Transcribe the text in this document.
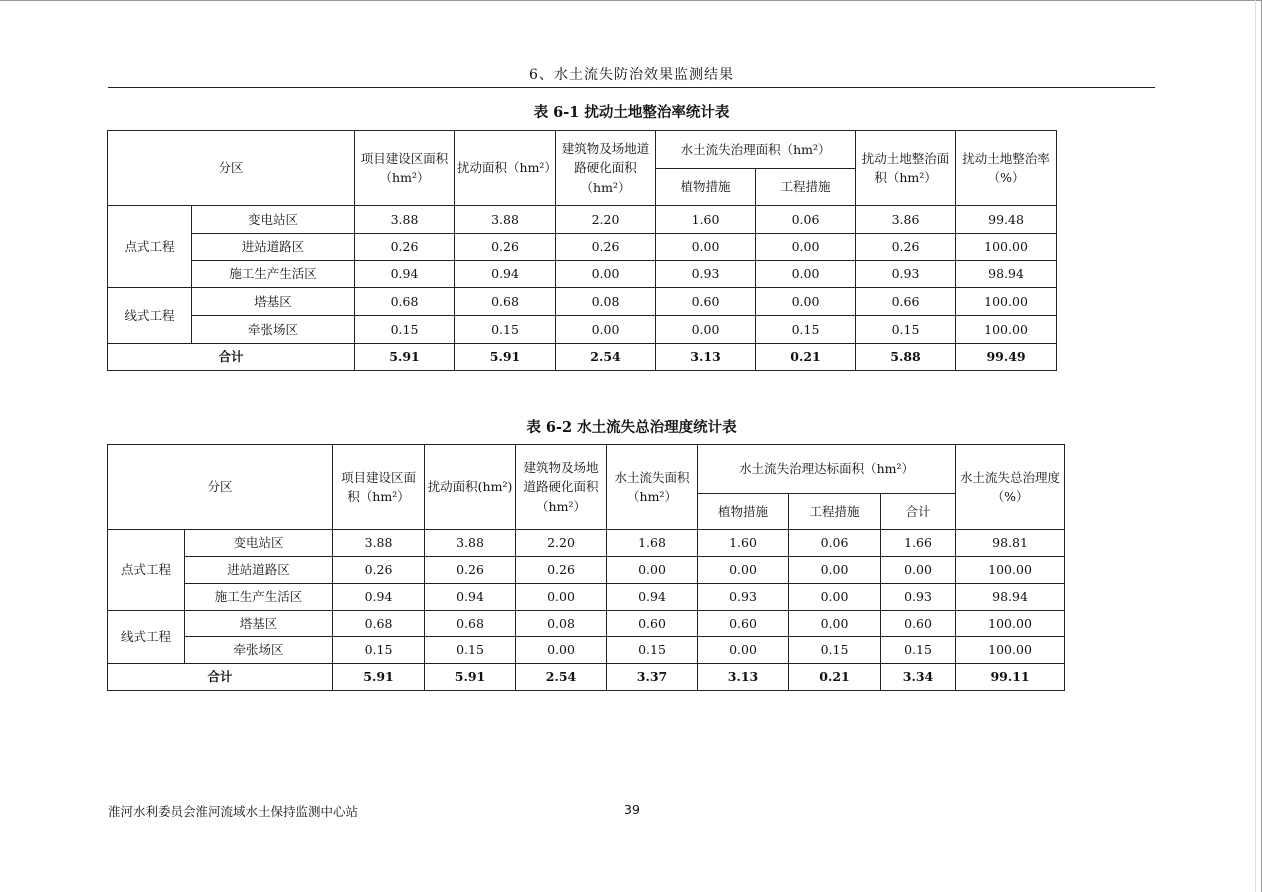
6、水土流失防治效果监测结果
表 6-1 扰动土地整治率统计表
分区		项目建设区面积（hm²）	扰动面积（hm²）	建筑物及场地道路硬化面积（hm²）	水土流失治理面积（hm²）		扰动土地整治面积（hm²）	扰动土地整治率（%）
					植物措施	工程措施		
点式工程	变电站区	3.88	3.88	2.20	1.60	0.06	3.86	99.48
	进站道路区	0.26	0.26	0.26	0.00	0.00	0.26	100.00
	施工生产生活区	0.94	0.94	0.00	0.93	0.00	0.93	98.94
线式工程	塔基区	0.68	0.68	0.08	0.60	0.00	0.66	100.00
	牵张场区	0.15	0.15	0.00	0.00	0.15	0.15	100.00
合计		5.91	5.91	2.54	3.13	0.21	5.88	99.49
表 6-2 水土流失总治理度统计表
分区		项目建设区面积（hm²）	扰动面积(hm²)	建筑物及场地道路硬化面积（hm²）	水土流失面积（hm²）	水土流失治理达标面积（hm²）			水土流失总治理度（%）
						植物措施	工程措施	合计	
点式工程	变电站区	3.88	3.88	2.20	1.68	1.60	0.06	1.66	98.81
	进站道路区	0.26	0.26	0.26	0.00	0.00	0.00	0.00	100.00
	施工生产生活区	0.94	0.94	0.00	0.94	0.93	0.00	0.93	98.94
线式工程	塔基区	0.68	0.68	0.08	0.60	0.60	0.00	0.60	100.00
	牵张场区	0.15	0.15	0.00	0.15	0.00	0.15	0.15	100.00
合计		5.91	5.91	2.54	3.37	3.13	0.21	3.34	99.11
淮河水利委员会淮河流域水土保持监测中心站	39
